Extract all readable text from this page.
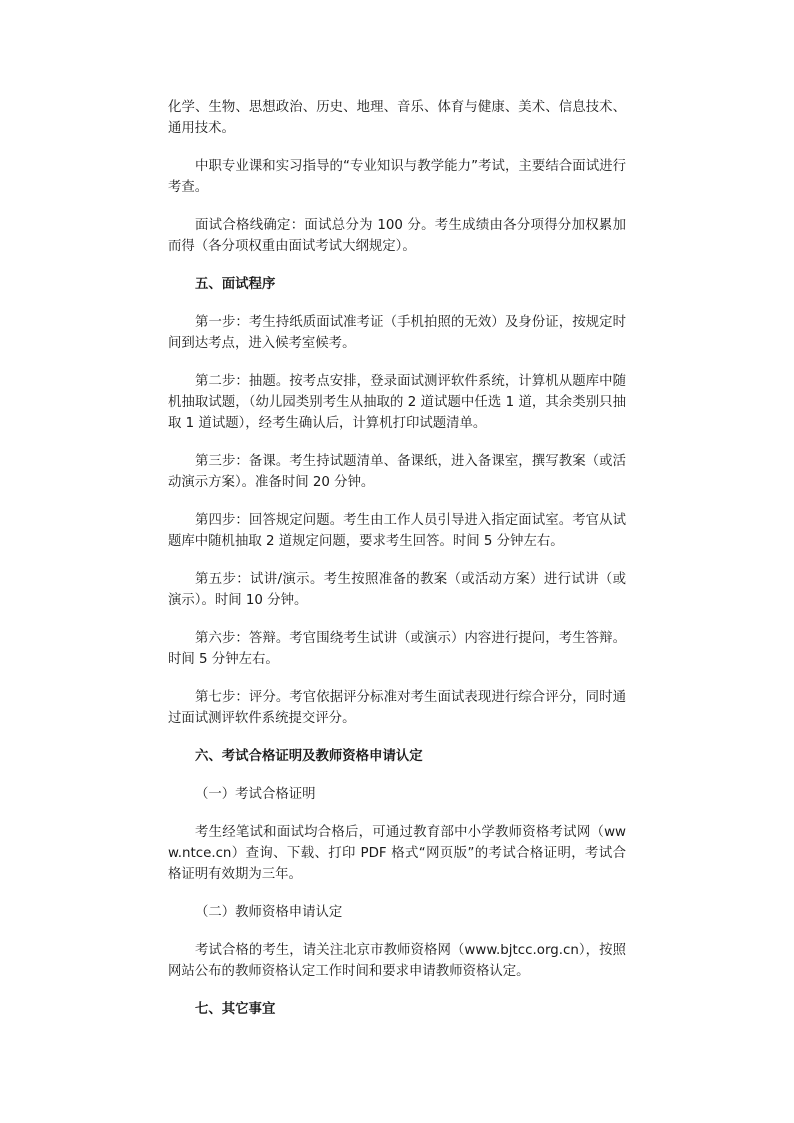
化学、生物、思想政治、历史、地理、音乐、体育与健康、美术、信息技术、通用技术。

中职专业课和实习指导的“专业知识与教学能力”考试，主要结合面试进行考查。

面试合格线确定：面试总分为 100 分。考生成绩由各分项得分加权累加而得（各分项权重由面试考试大纲规定）。

五、面试程序

第一步：考生持纸质面试准考证（手机拍照的无效）及身份证，按规定时间到达考点，进入候考室候考。

第二步：抽题。按考点安排，登录面试测评软件系统，计算机从题库中随机抽取试题，（幼儿园类别考生从抽取的 2 道试题中任选 1 道，其余类别只抽取 1 道试题），经考生确认后，计算机打印试题清单。

第三步：备课。考生持试题清单、备课纸，进入备课室，撰写教案（或活动演示方案）。准备时间 20 分钟。

第四步：回答规定问题。考生由工作人员引导进入指定面试室。考官从试题库中随机抽取 2 道规定问题，要求考生回答。时间 5 分钟左右。

第五步：试讲/演示。考生按照准备的教案（或活动方案）进行试讲（或演示）。时间 10 分钟。

第六步：答辩。考官围绕考生试讲（或演示）内容进行提问，考生答辩。时间 5 分钟左右。

第七步：评分。考官依据评分标准对考生面试表现进行综合评分，同时通过面试测评软件系统提交评分。

六、考试合格证明及教师资格申请认定

（一）考试合格证明

考生经笔试和面试均合格后，可通过教育部中小学教师资格考试网（www.ntce.cn）查询、下载、打印 PDF 格式“网页版”的考试合格证明，考试合格证明有效期为三年。

（二）教师资格申请认定

考试合格的考生，请关注北京市教师资格网（www.bjtcc.org.cn），按照网站公布的教师资格认定工作时间和要求申请教师资格认定。

七、其它事宜
